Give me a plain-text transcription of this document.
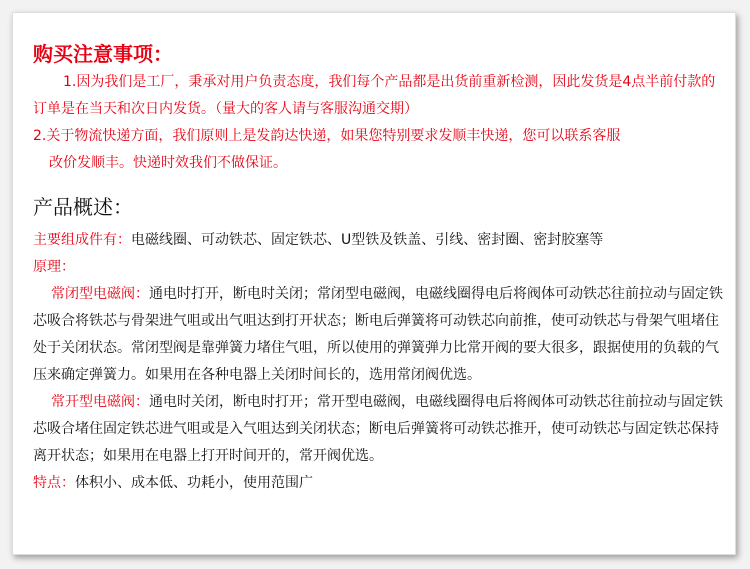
购买注意事项：

1.因为我们是工厂，秉承对用户负责态度，我们每个产品都是出货前重新检测，因此发货是4点半前付款的订单是在当天和次日内发货。（量大的客人请与客服沟通交期）

2.关于物流快递方面，我们原则上是发韵达快递，如果您特别要求发顺丰快递，您可以联系客服

改价发顺丰。快递时效我们不做保证。

产品概述：

主要组成件有：电磁线圈、可动铁芯、固定铁芯、U型铁及铁盖、引线、密封圈、密封胶塞等

原理：

常闭型电磁阀：通电时打开，断电时关闭；常闭型电磁阀，电磁线圈得电后将阀体可动铁芯往前拉动与固定铁芯吸合将铁芯与骨架进气咀或出气咀达到打开状态；断电后弹簧将可动铁芯向前推，使可动铁芯与骨架气咀堵住处于关闭状态。常闭型阀是靠弹簧力堵住气咀，所以使用的弹簧弹力比常开阀的要大很多，跟据使用的负载的气压来确定弹簧力。如果用在各种电器上关闭时间长的，选用常闭阀优选。

常开型电磁阀：通电时关闭，断电时打开；常开型电磁阀，电磁线圈得电后将阀体可动铁芯往前拉动与固定铁芯吸合堵住固定铁芯进气咀或是入气咀达到关闭状态；断电后弹簧将可动铁芯推开，使可动铁芯与固定铁芯保持离开状态；如果用在电器上打开时间开的，常开阀优选。

特点：体积小、成本低、功耗小，使用范围广
